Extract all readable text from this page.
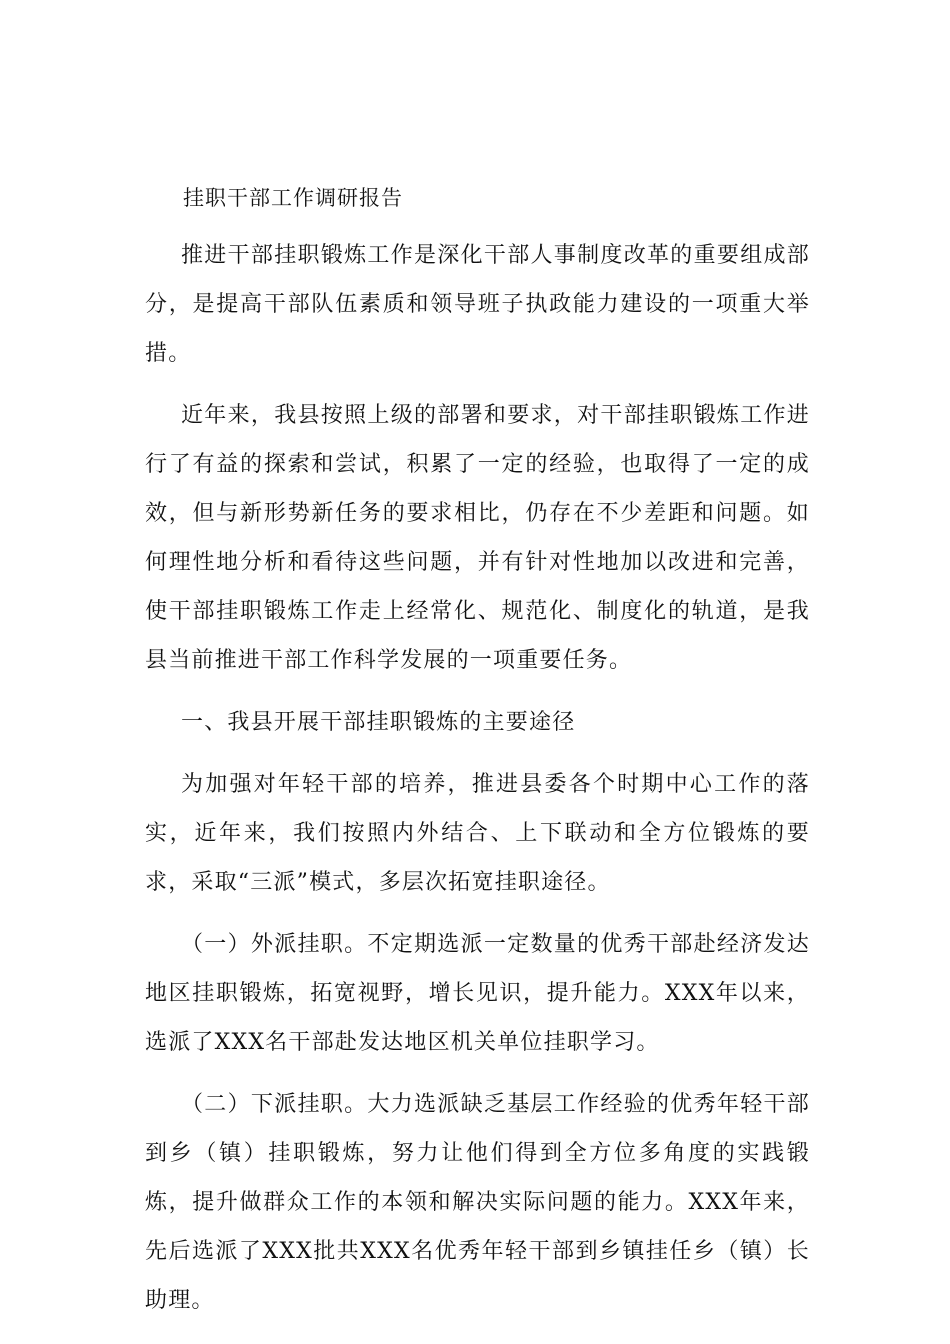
挂职干部工作调研报告

推进干部挂职锻炼工作是深化干部人事制度改革的重要组成部分，是提高干部队伍素质和领导班子执政能力建设的一项重大举措。

近年来，我县按照上级的部署和要求，对干部挂职锻炼工作进行了有益的探索和尝试，积累了一定的经验，也取得了一定的成效，但与新形势新任务的要求相比，仍存在不少差距和问题。如何理性地分析和看待这些问题，并有针对性地加以改进和完善，使干部挂职锻炼工作走上经常化、规范化、制度化的轨道，是我县当前推进干部工作科学发展的一项重要任务。

一、我县开展干部挂职锻炼的主要途径

为加强对年轻干部的培养，推进县委各个时期中心工作的落实，近年来，我们按照内外结合、上下联动和全方位锻炼的要求，采取“三派”模式，多层次拓宽挂职途径。

（一）外派挂职。不定期选派一定数量的优秀干部赴经济发达地区挂职锻炼，拓宽视野，增长见识，提升能力。XXX年以来，选派了XXX名干部赴发达地区机关单位挂职学习。

（二）下派挂职。大力选派缺乏基层工作经验的优秀年轻干部到乡（镇）挂职锻炼，努力让他们得到全方位多角度的实践锻炼，提升做群众工作的本领和解决实际问题的能力。XXX年来，先后选派了XXX批共XXX名优秀年轻干部到乡镇挂任乡（镇）长助理。
